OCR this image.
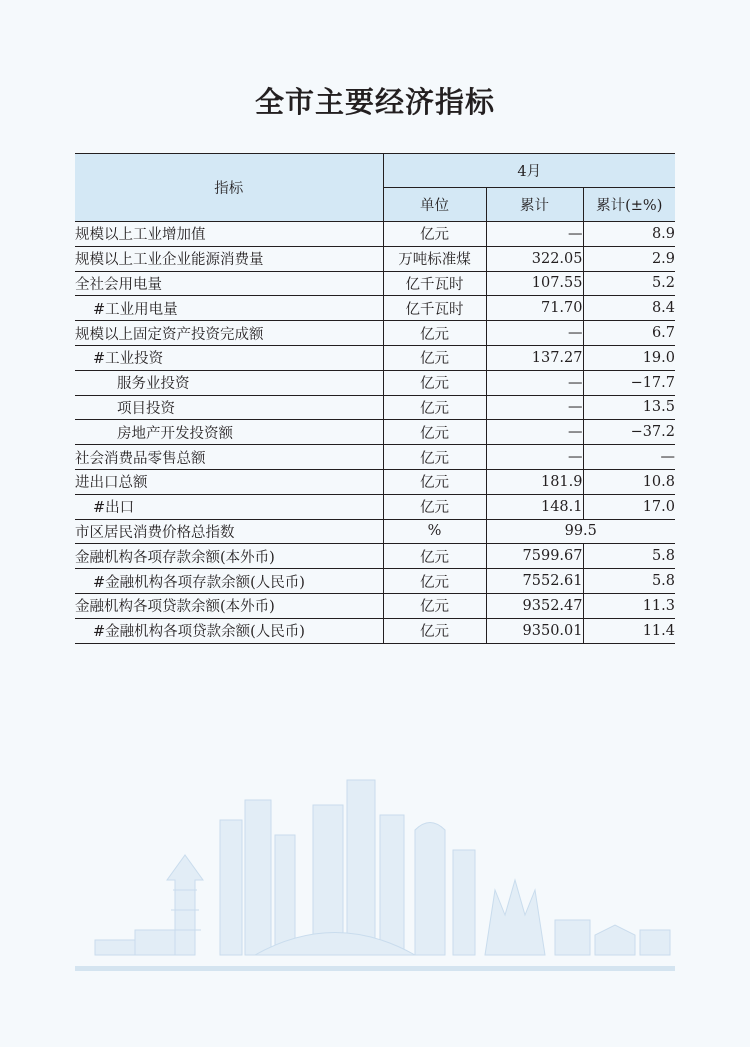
全市主要经济指标
指标	4月		
	单位	累计	累计(±%)
规模以上工业增加值	亿元	—	8.9
规模以上工业企业能源消费量	万吨标准煤	322.05	2.9
全社会用电量	亿千瓦时	107.55	5.2
#工业用电量	亿千瓦时	71.70	8.4
规模以上固定资产投资完成额	亿元	—	6.7
#工业投资	亿元	137.27	19.0
服务业投资	亿元	—	−17.7
项目投资	亿元	—	13.5
房地产开发投资额	亿元	—	−37.2
社会消费品零售总额	亿元	—	—
进出口总额	亿元	181.9	10.8
#出口	亿元	148.1	17.0
市区居民消费价格总指数	%	99.5	
金融机构各项存款余额(本外币)	亿元	7599.67	5.8
#金融机构各项存款余额(人民币)	亿元	7552.61	5.8
金融机构各项贷款余额(本外币)	亿元	9352.47	11.3
#金融机构各项贷款余额(人民币)	亿元	9350.01	11.4
